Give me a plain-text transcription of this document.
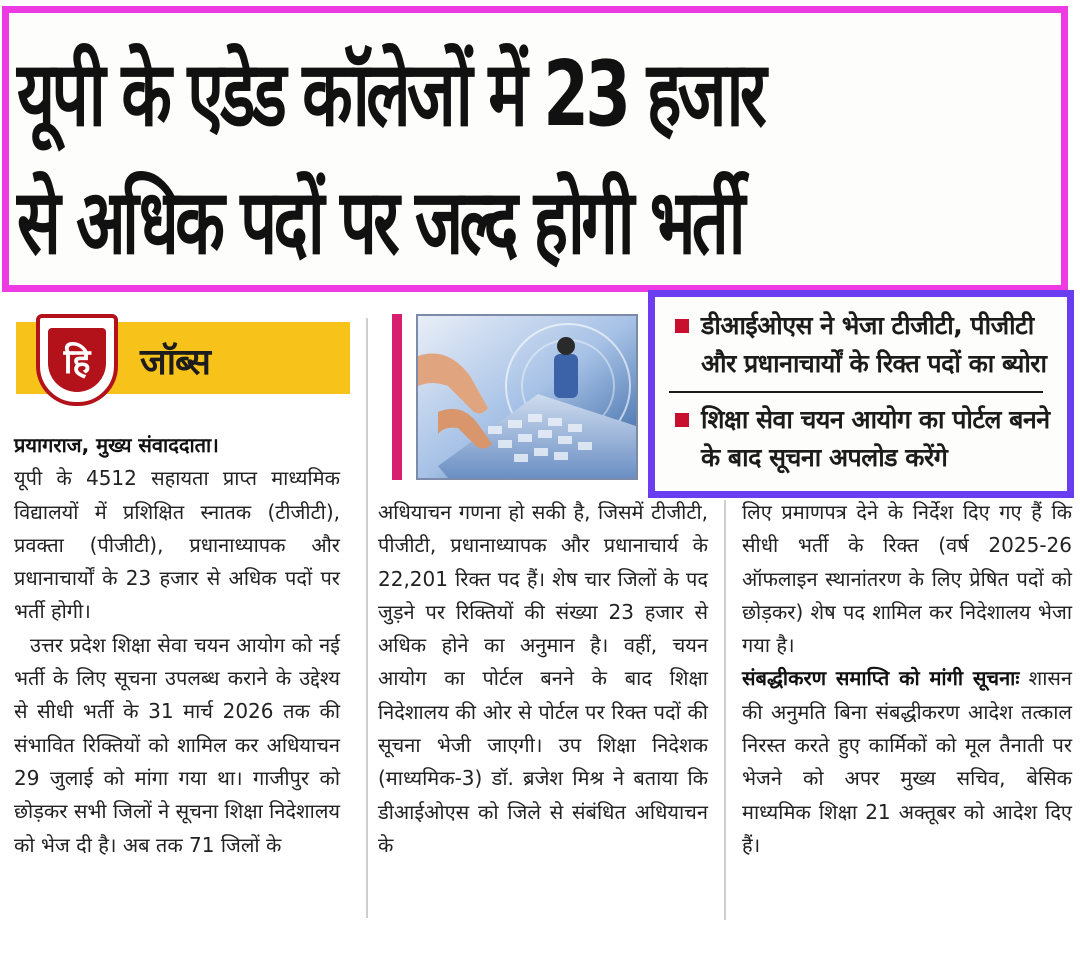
यूपी के एडेड कॉलेजों में 23 हजार
से अधिक पदों पर जल्द होगी भर्ती
हि	जॉब्स
डीआईओएस ने भेजा टीजीटी, पीजीटी और प्रधानाचार्यों के रिक्त पदों का ब्योरा
शिक्षा सेवा चयन आयोग का पोर्टल बनने के बाद सूचना अपलोड करेंगे
प्रयागराज, मुख्य संवाददाता।
यूपी के 4512 सहायता प्राप्त माध्यमिक विद्यालयों में प्रशिक्षित स्नातक (टीजीटी), प्रवक्ता (पीजीटी), प्रधानाध्यापक और प्रधानाचार्यों के 23 हजार से अधिक पदों पर भर्ती होगी।
उत्तर प्रदेश शिक्षा सेवा चयन आयोग को नई भर्ती के लिए सूचना उपलब्ध कराने के उद्देश्य से सीधी भर्ती के 31 मार्च 2026 तक की संभावित रिक्तियों को शामिल कर अधियाचन 29 जुलाई को मांगा गया था। गाजीपुर को छोड़कर सभी जिलों ने सूचना शिक्षा निदेशालय को भेज दी है। अब तक 71 जिलों के
अधियाचन गणना हो सकी है, जिसमें टीजीटी, पीजीटी, प्रधानाध्यापक और प्रधानाचार्य के 22,201 रिक्त पद हैं। शेष चार जिलों के पद जुड़ने पर रिक्तियों की संख्या 23 हजार से अधिक होने का अनुमान है। वहीं, चयन आयोग का पोर्टल बनने के बाद शिक्षा निदेशालय की ओर से पोर्टल पर रिक्त पदों की सूचना भेजी जाएगी। उप शिक्षा निदेशक (माध्यमिक-3) डॉ. ब्रजेश मिश्र ने बताया कि डीआईओएस को जिले से संबंधित अधियाचन के
लिए प्रमाणपत्र देने के निर्देश दिए गए हैं कि सीधी भर्ती के रिक्त (वर्ष 2025-26 ऑफलाइन स्थानांतरण के लिए प्रेषित पदों को छोड़कर) शेष पद शामिल कर निदेशालय भेजा गया है।
संबद्धीकरण समाप्ति को मांगी सूचनाः शासन की अनुमति बिना संबद्धीकरण आदेश तत्काल निरस्त करते हुए कार्मिकों को मूल तैनाती पर भेजने को अपर मुख्य सचिव, बेसिक माध्यमिक शिक्षा 21 अक्तूबर को आदेश दिए हैं।
